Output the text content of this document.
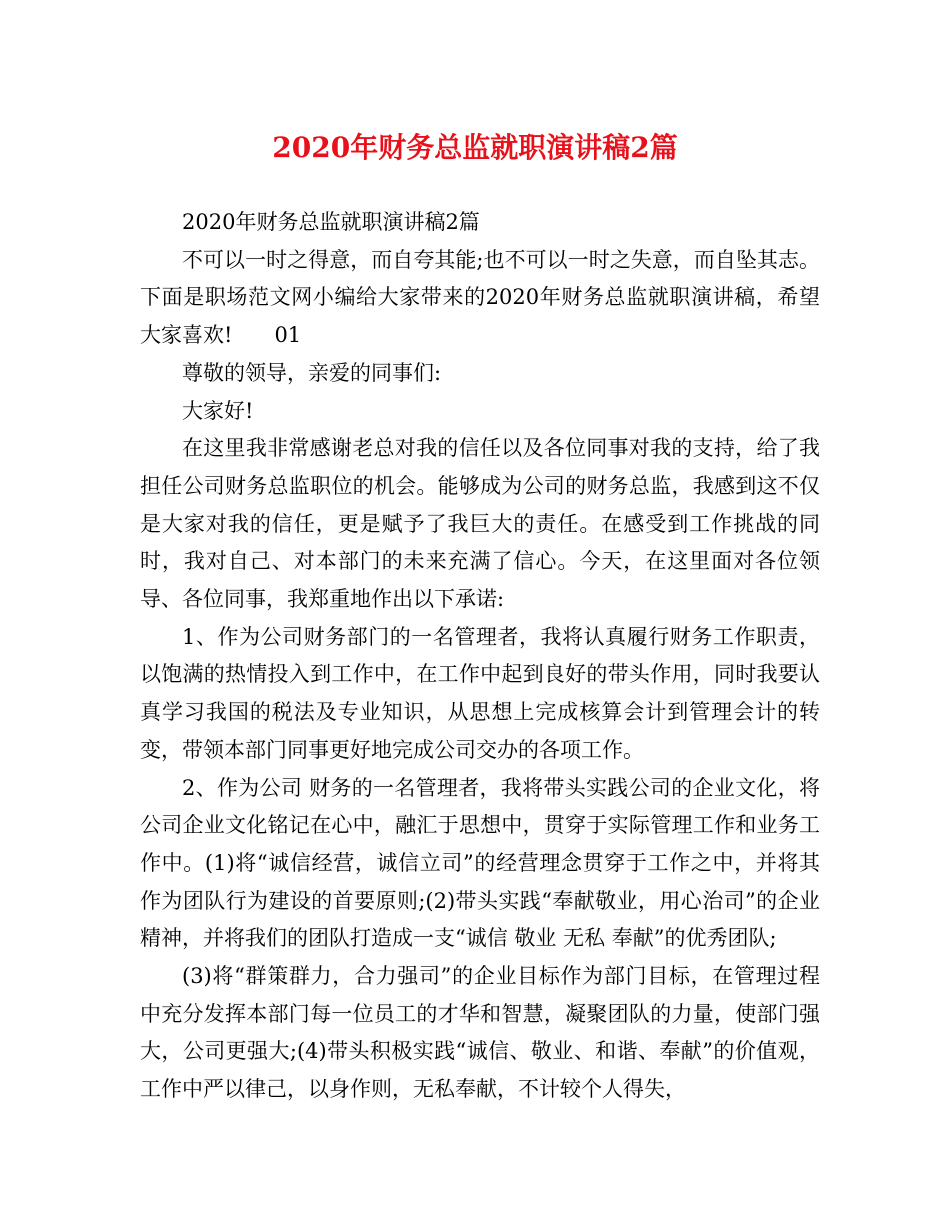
2020年财务总监就职演讲稿2篇

2020年财务总监就职演讲稿2篇

不可以一时之得意，而自夸其能;也不可以一时之失意，而自坠其志。下面是职场范文网小编给大家带来的2020年财务总监就职演讲稿，希望大家喜欢!　　01

尊敬的领导，亲爱的同事们:

大家好!

在这里我非常感谢老总对我的信任以及各位同事对我的支持，给了我担任公司财务总监职位的机会。能够成为公司的财务总监，我感到这不仅是大家对我的信任，更是赋予了我巨大的责任。在感受到工作挑战的同时，我对自己、对本部门的未来充满了信心。今天，在这里面对各位领导、各位同事，我郑重地作出以下承诺:

1、作为公司财务部门的一名管理者，我将认真履行财务工作职责，以饱满的热情投入到工作中，在工作中起到良好的带头作用，同时我要认真学习我国的税法及专业知识，从思想上完成核算会计到管理会计的转变，带领本部门同事更好地完成公司交办的各项工作。

2、作为公司 财务的一名管理者，我将带头实践公司的企业文化，将公司企业文化铭记在心中，融汇于思想中，贯穿于实际管理工作和业务工作中。(1)将“诚信经营，诚信立司”的经营理念贯穿于工作之中，并将其作为团队行为建设的首要原则;(2)带头实践“奉献敬业，用心治司”的企业精神，并将我们的团队打造成一支“诚信 敬业 无私 奉献”的优秀团队;

(3)将“群策群力，合力强司”的企业目标作为部门目标，在管理过程中充分发挥本部门每一位员工的才华和智慧，凝聚团队的力量，使部门强大，公司更强大;(4)带头积极实践“诚信、敬业、和谐、奉献”的价值观，工作中严以律己，以身作则，无私奉献，不计较个人得失，
